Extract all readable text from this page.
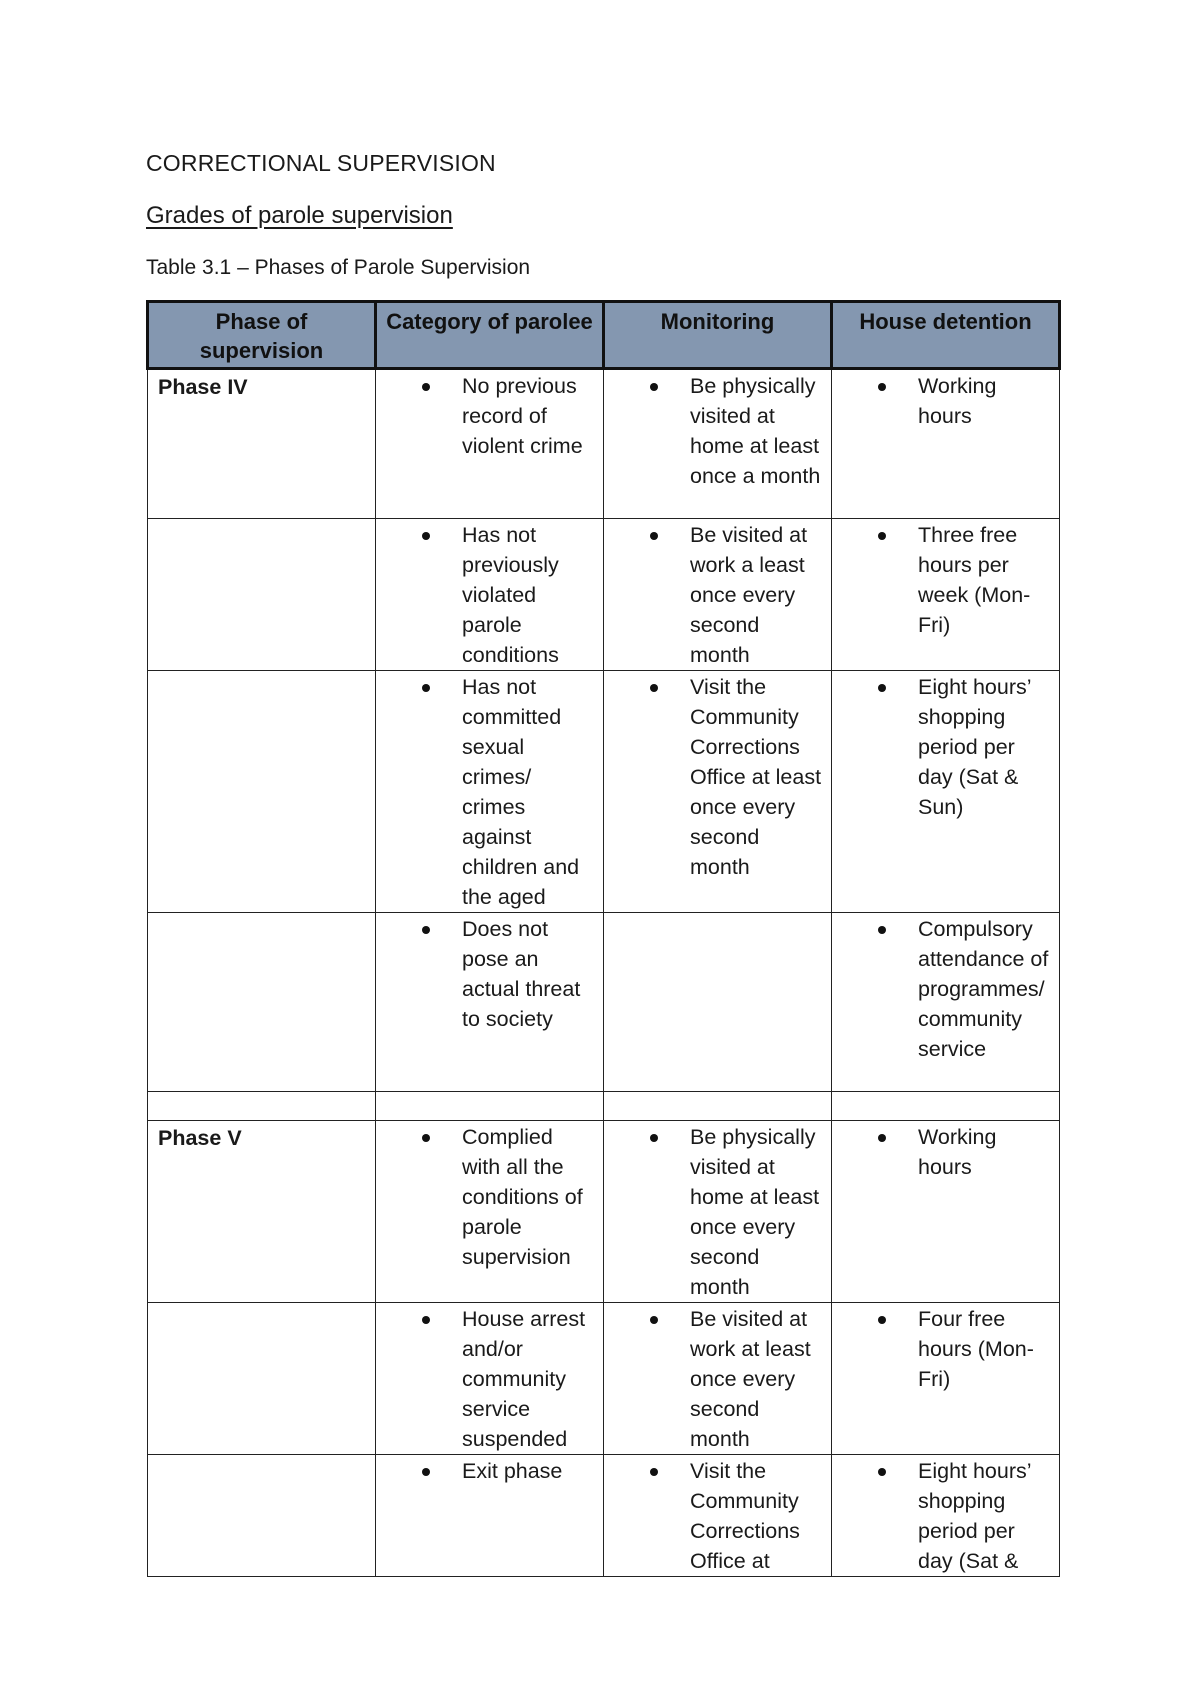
CORRECTIONAL SUPERVISION
Grades of parole supervision
Table 3.1 – Phases of Parole Supervision
Phase of supervision	Category of parolee	Monitoring	House detention
Phase IV	No previous record of violent crime	Be physically visited at home at least once a month	Working hours

	Has not previously violated parole conditions	Be visited at work a least once every second month	Three free hours per week (Mon-Fri)

	Has not committed sexual crimes/ crimes against children and the aged	Visit the Community Corrections Office at least once every second month	Eight hours’ shopping period per day (Sat & Sun)

	Does not pose an actual threat to society		Compulsory attendance of programmes/ community service

Phase V	Complied with all the conditions of parole supervision	Be physically visited at home at least once every second month	Working hours

	House arrest and/or community service suspended	Be visited at work at least once every second month	Four free hours (Mon-Fri)

	Exit phase	Visit the Community Corrections Office at	Eight hours’ shopping period per day (Sat &
